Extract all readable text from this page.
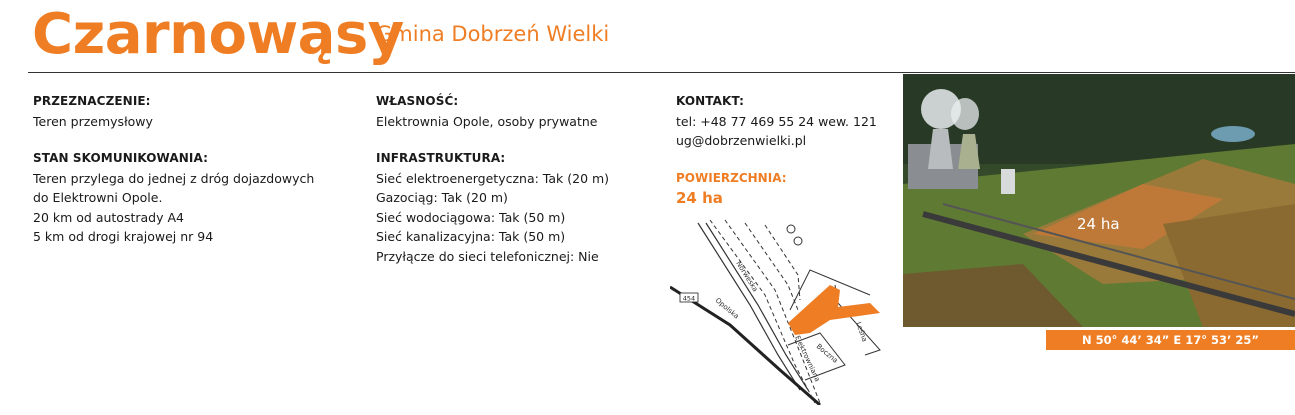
Czarnowąsy
Gmina Dobrzeń Wielki
PRZEZNACZENIE:
Teren przemysłowy
STAN SKOMUNIKOWANIA:
Teren przylega do jednej z dróg dojazdowych
do Elektrowni Opole.
20 km od autostrady A4
5 km od drogi krajowej nr 94
WŁASNOŚĆ:
Elektrownia Opole, osoby prywatne
INFRASTRUKTURA:
Sieć elektroenergetyczna: Tak (20 m)
Gazociąg: Tak (20 m)
Sieć wodociągowa: Tak (50 m)
Sieć kanalizacyjna: Tak (50 m)
Przyłącze do sieci telefonicznej: Nie
KONTAKT:
tel: +48 77 469 55 24 wew. 121
ug@dobrzenwielki.pl
POWIERZCHNIA:
24 ha
454
Norweska
Opolska
Leśna
Boczna
Elektrowniana
24 ha
N 50° 44’ 34” E 17° 53’ 25”
